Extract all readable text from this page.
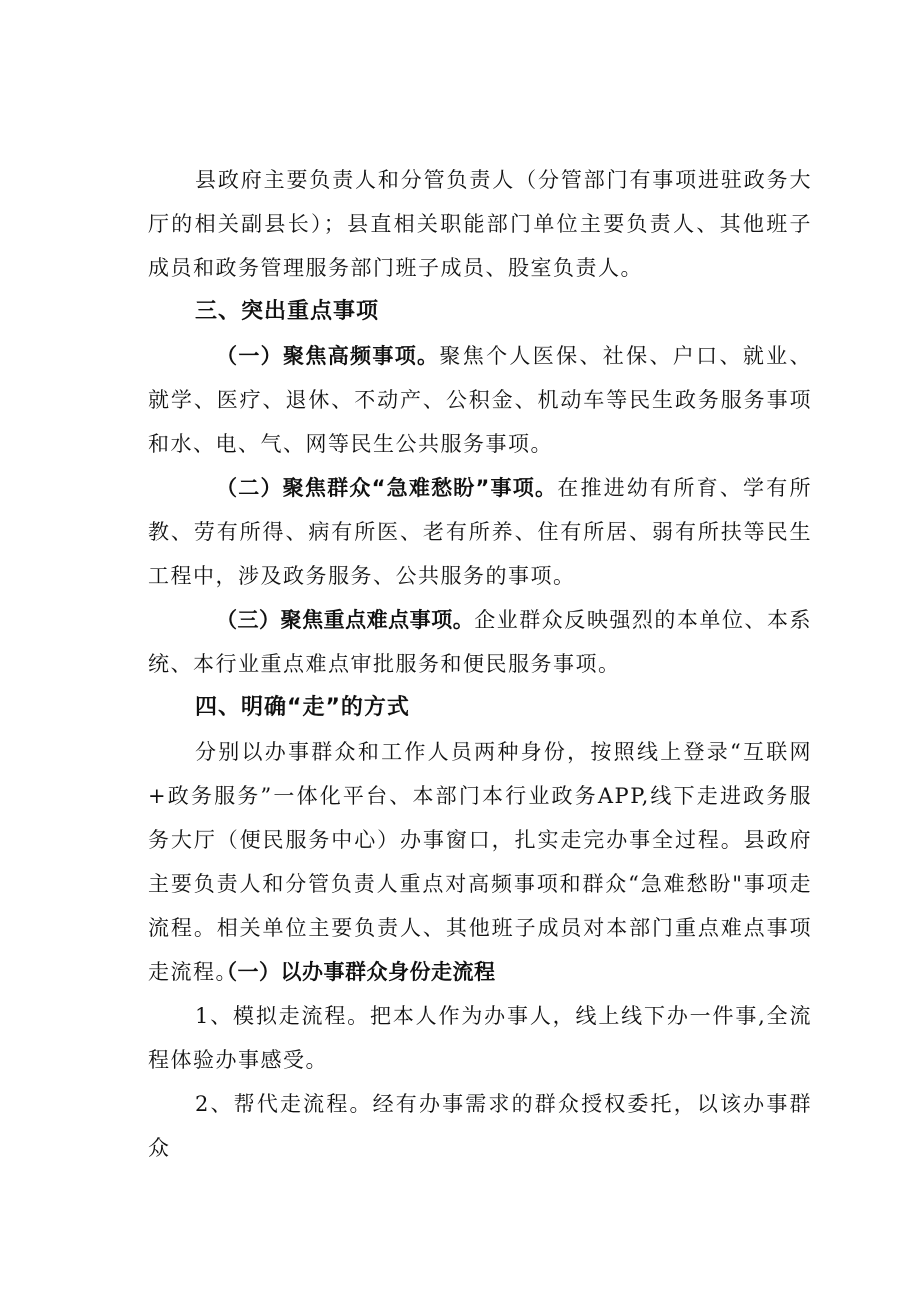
县政府主要负责人和分管负责人（分管部门有事项进驻政务大厅的相关副县长）；县直相关职能部门单位主要负责人、其他班子成员和政务管理服务部门班子成员、股室负责人。

三、突出重点事项

（一）聚焦高频事项。聚焦个人医保、社保、户口、就业、就学、医疗、退休、不动产、公积金、机动车等民生政务服务事项和水、电、气、网等民生公共服务事项。

（二）聚焦群众“急难愁盼”事项。在推进幼有所育、学有所教、劳有所得、病有所医、老有所养、住有所居、弱有所扶等民生工程中，涉及政务服务、公共服务的事项。

（三）聚焦重点难点事项。企业群众反映强烈的本单位、本系统、本行业重点难点审批服务和便民服务事项。

四、明确“走”的方式

分别以办事群众和工作人员两种身份，按照线上登录“互联网+政务服务”一体化平台、本部门本行业政务APP,线下走进政务服务大厅（便民服务中心）办事窗口，扎实走完办事全过程。县政府主要负责人和分管负责人重点对高频事项和群众“急难愁盼"事项走流程。相关单位主要负责人、其他班子成员对本部门重点难点事项走流程。

（一）以办事群众身份走流程

1、模拟走流程。把本人作为办事人，线上线下办一件事,全流程体验办事感受。

2、帮代走流程。经有办事需求的群众授权委托，以该办事群众
